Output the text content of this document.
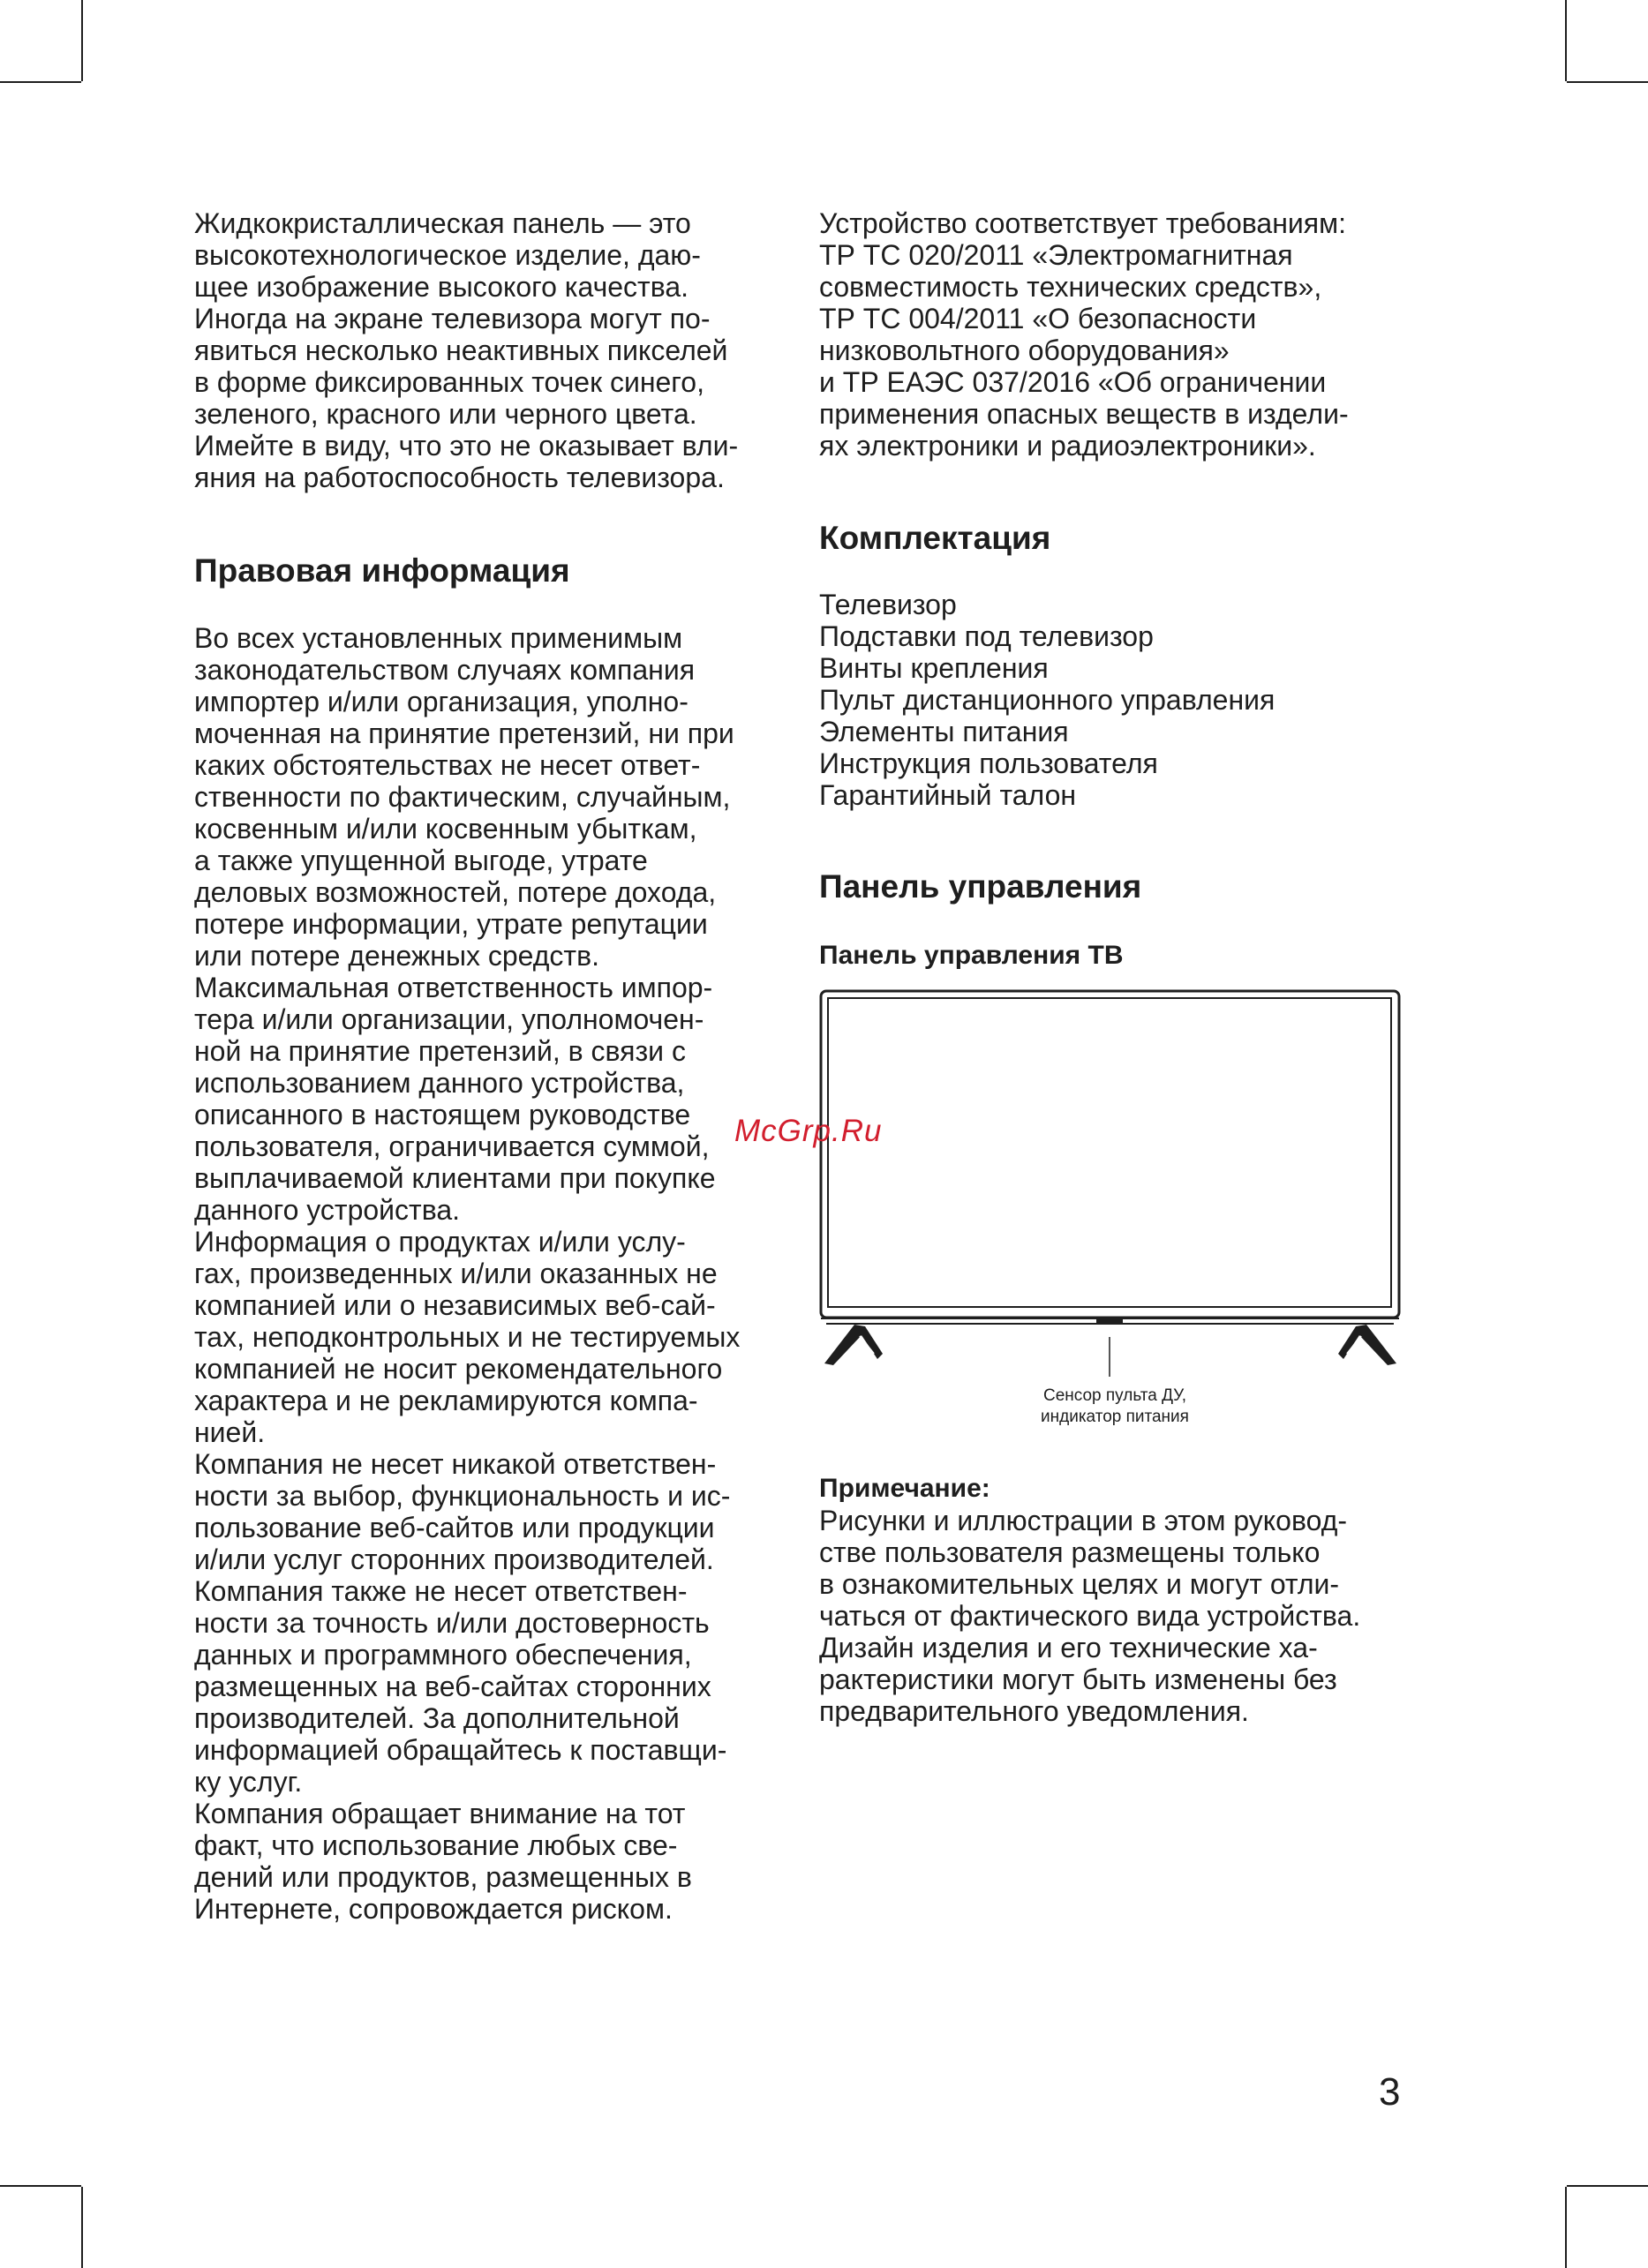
Жидкокристаллическая панель — это
высокотехнологическое изделие, даю-
щее изображение высокого качества.
Иногда на экране телевизора могут по-
явиться несколько неактивных пикселей
в форме фиксированных точек синего,
зеленого, красного или черного цвета.
Имейте в виду, что это не оказывает вли-
яния на работоспособность телевизора.

Правовая информация

Во всех установленных применимым
законодательством случаях компания
импортер и/или организация, уполно-
моченная на принятие претензий, ни при
каких обстоятельствах не несет ответ-
ственности по фактическим, случайным,
косвенным и/или косвенным убыткам,
а также упущенной выгоде, утрате
деловых возможностей, потере дохода,
потере информации, утрате репутации
или потере денежных средств.
Максимальная ответственность импор-
тера и/или организации, уполномочен-
ной на принятие претензий, в связи с
использованием данного устройства,
описанного в настоящем руководстве
пользователя, ограничивается суммой,
выплачиваемой клиентами при покупке
данного устройства.
Информация о продуктах и/или услу-
гах, произведенных и/или оказанных не
компанией или о независимых веб-сай-
тах, неподконтрольных и не тестируемых
компанией не носит рекомендательного
характера и не рекламируются компа-
нией.
Компания не несет никакой ответствен-
ности за выбор, функциональность и ис-
пользование веб-сайтов или продукции
и/или услуг сторонних производителей.
Компания также не несет ответствен-
ности за точность и/или достоверность
данных и программного обеспечения,
размещенных на веб-сайтах сторонних
производителей. За дополнительной
информацией обращайтесь к поставщи-
ку услуг.
Компания обращает внимание на тот
факт, что использование любых све-
дений или продуктов, размещенных в
Интернете, сопровождается риском.

Устройство соответствует требованиям:
ТР ТС 020/2011 «Электромагнитная
совместимость технических средств»,
ТР ТС 004/2011 «О безопасности
низковольтного оборудования»
и ТР ЕАЭС 037/2016 «Об ограничении
применения опасных веществ в издели-
ях электроники и радиоэлектроники».

Комплектация
Телевизор
Подставки под телевизор
Винты крепления
Пульт дистанционного управления
Элементы питания
Инструкция пользователя
Гарантийный талон
Панель управления

Панель управления ТВ

Сенсор пульта ДУ,
индикатор питания

Примечание:

Рисунки и иллюстрации в этом руковод-
стве пользователя размещены только
в ознакомительных целях и могут отли-
чаться от фактического вида устройства.
Дизайн изделия и его технические ха-
рактеристики могут быть изменены без
предварительного уведомления.

McGrp.Ru
3
